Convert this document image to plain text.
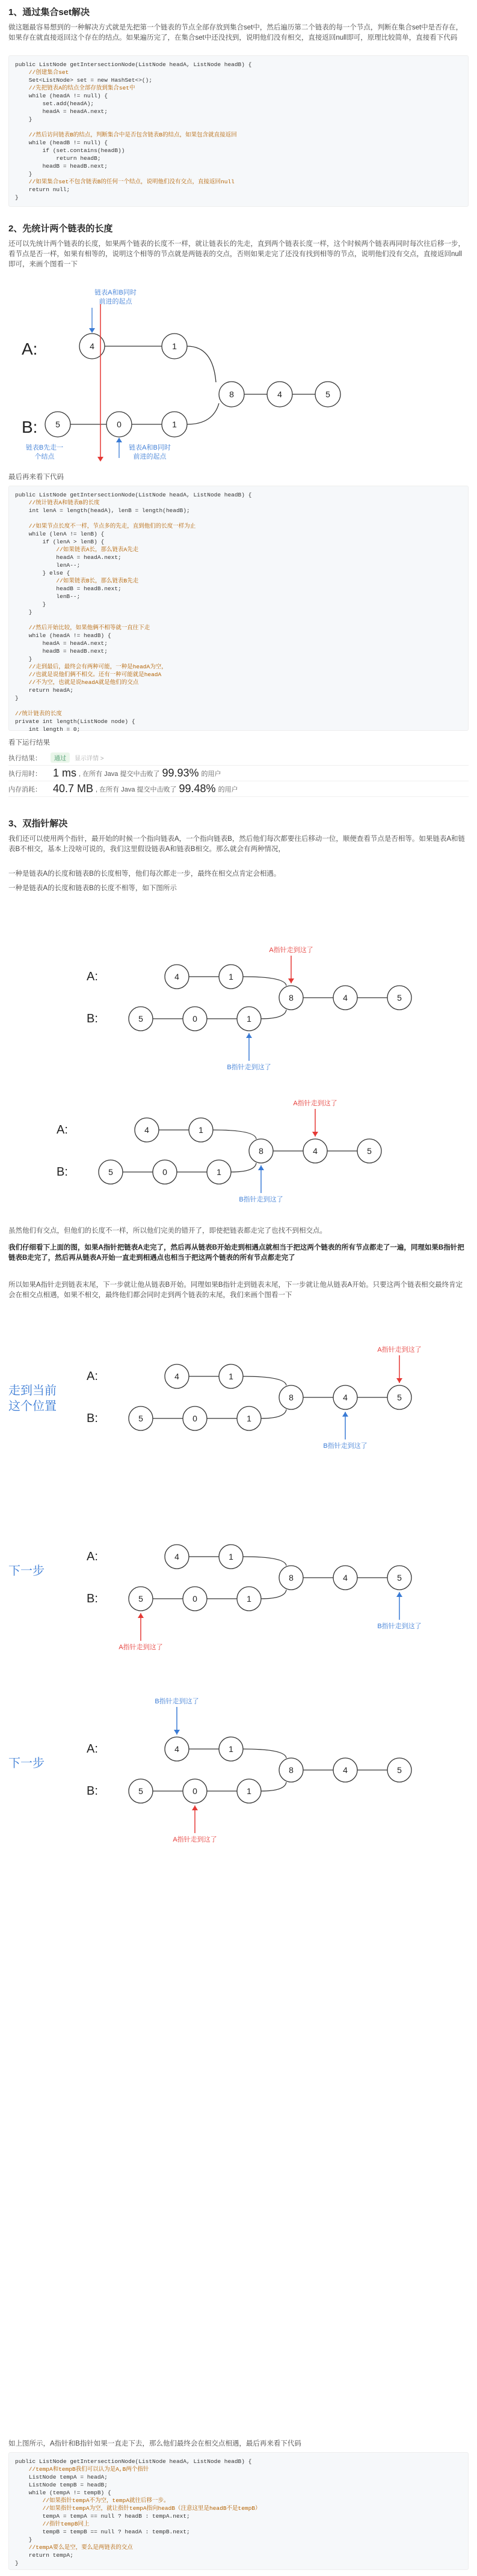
1、通过集合set解决

做这题最容易想到的一种解决方式就是先把第一个链表的节点全部存放到集合set中，然后遍历第二个链表的每一个节点，判断在集合set中是否存在，如果存在就直接返回这个存在的结点。如果遍历完了，在集合set中还没找到，说明他们没有相交，直接返回null即可，原理比较简单，直接看下代码

public ListNode getIntersectionNode(ListNode headA, ListNode headB) {
//创建集合set
Set<ListNode> set = new HashSet<>();
//先把链表A的结点全部存放到集合set中
while (headA != null) {
set.add(headA);
headA = headA.next;
}

//然后访问链表B的结点，判断集合中是否包含链表B的结点，如果包含就直接返回
while (headB != null) {
if (set.contains(headB))
return headB;
headB = headB.next;
}
//如果集合set不包含链表B的任何一个结点，说明他们没有交点，直接返回null
return null;
}
2、先统计两个链表的长度

还可以先统计两个链表的长度，如果两个链表的长度不一样，就让链表长的先走，直到两个链表长度一样，这个时候两个链表再同时每次往后移一步，看节点是否一样，如果有相等的，说明这个相等的节点就是两链表的交点，否则如果走完了还没有找到相等的节点，说明他们没有交点，直接返回null即可，来画个图看一下

A:
B:
4	1
5	0	1
8	4	5
链表A和B同时
前进的起点
链表B先走一
个结点
链表A和B同时
前进的起点

最后再来看下代码

public ListNode getIntersectionNode(ListNode headA, ListNode headB) {
//统计链表A和链表B的长度
int lenA = length(headA), lenB = length(headB);

//如果节点长度不一样，节点多的先走，直到他们的长度一样为止
while (lenA != lenB) {
if (lenA > lenB) {
//如果链表A长，那么链表A先走
headA = headA.next;
lenA--;
} else {
//如果链表B长，那么链表B先走
headB = headB.next;
lenB--;
}
}

//然后开始比较，如果他俩不相等就一直往下走
while (headA != headB) {
headA = headA.next;
headB = headB.next;
}
//走到最后，最终会有两种可能，一种是headA为空，
//也就是说他们俩不相交。还有一种可能就是headA
//不为空，也就是说headA就是他们的交点
return headA;
}

//统计链表的长度
private int length(ListNode node) {
int length = 0;

看下运行结果

执行结果：	通过	显示详情 >
执行用时：	1 ms , 在所有 Java 提交中击败了 99.93% 的用户
内存消耗：	40.7 MB , 在所有 Java 提交中击败了 99.48% 的用户
3、双指针解决

我们还可以使用两个指针，最开始的时候一个指向链表A，一个指向链表B，然后他们每次都要往后移动一位，顺便查看节点是否相等。如果链表A和链表B不相交，基本上没啥可说的，我们这里假设链表A和链表B相交。那么就会有两种情况，

一种是链表A的长度和链表B的长度相等，他们每次都走一步，最终在相交点肯定会相遇。

一种是链表A的长度和链表B的长度不相等，如下图所示

虽然他们有交点，但他们的长度不一样，所以他们完美的错开了，即使把链表都走完了也找不到相交点。

我们仔细看下上面的图，如果A指针把链表A走完了，然后再从链表B开始走到相遇点就相当于把这两个链表的所有节点都走了一遍，同理如果B指针把链表B走完了，然后再从链表A开始一直走到相遇点也相当于把这两个链表的所有节点都走完了

所以如果A指针走到链表末尾，下一步就让他从链表B开始。同理如果B指针走到链表末尾，下一步就让他从链表A开始。只要这两个链表相交最终肯定会在相交点相遇，如果不相交，最终他们都会同时走到两个链表的末尾，我们来画个图看一下

如上图所示，A指针和B指针如果一直走下去，那么他们最终会在相交点相遇，最后再来看下代码

public ListNode getIntersectionNode(ListNode headA, ListNode headB) {
//tempA和tempB我们可以认为是A,B两个指针
ListNode tempA = headA;
ListNode tempB = headB;
while (tempA != tempB) {
//如果指针tempA不为空，tempA就往后移一步。
//如果指针tempA为空，就让指针tempA指向headB（注意这里是headB不是tempB）
tempA = tempA == null ? headB : tempA.next;
//指针tempB同上
tempB = tempB == null ? headA : tempB.next;
}
//tempA要么是空，要么是两链表的交点
return tempA;
}
A:
B:
4	1
5	0	1
8	4	5
A指针走到这了
B指针走到这了
A:
B:
4	1
5	0	1
8	4	5
A指针走到这了
B指针走到这了
A:
B:
4	1
5	0	1
8	4	5
A指针走到这了
B指针走到这了
走到当前
这个位置
A:
B:
4	1
5	0	1
8	4	5
A指针走到这了
B指针走到这了
下一步
A:
B:
4	1
5	0	1
8	4	5
A指针走到这了
B指针走到这了
下一步
